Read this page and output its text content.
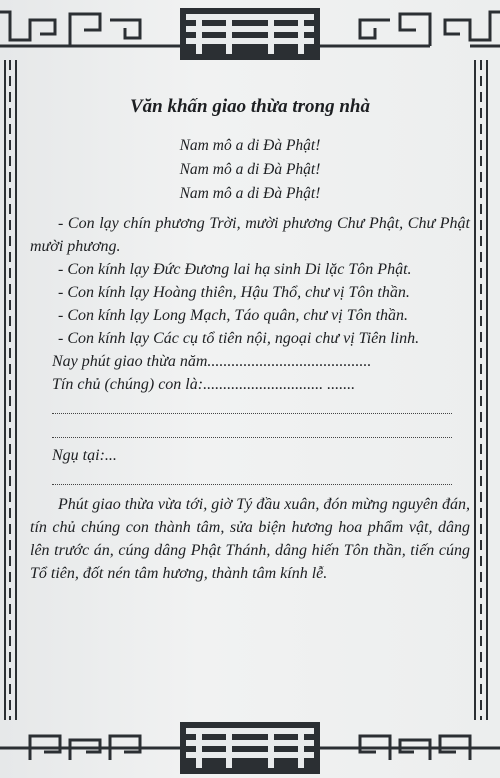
Văn khấn giao thừa trong nhà

Nam mô a di Đà Phật!

Nam mô a di Đà Phật!

Nam mô a di Đà Phật!

- Con lạy chín phương Trời, mười phương Chư Phật, Chư Phật mười phương.

- Con kính lạy Đức Đương lai hạ sinh Di lặc Tôn Phật.

- Con kính lạy Hoàng thiên, Hậu Thổ, chư vị Tôn thần.

- Con kính lạy Long Mạch, Táo quân, chư vị Tôn thần.

- Con kính lạy Các cụ tổ tiên nội, ngoại chư vị Tiên linh.

Nay phút giao thừa năm.........................................

Tín chủ (chúng) con là:.............................. .......

Ngụ tại:...

Phút giao thừa vừa tới, giờ Tý đầu xuân, đón mừng nguyên đán, tín chủ chúng con thành tâm, sửa biện hương hoa phẩm vật, dâng lên trước án, cúng dâng Phật Thánh, dâng hiến Tôn thần, tiến cúng Tổ tiên, đốt nén tâm hương, thành tâm kính lễ.
